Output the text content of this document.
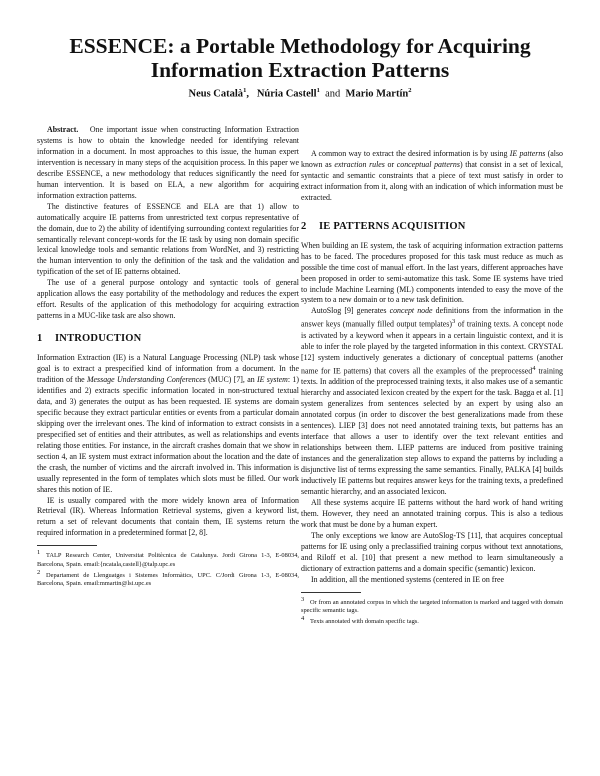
ESSENCE: a Portable Methodology for Acquiring
Information Extraction Patterns
Neus Català$^1$, Núria Castell$^1$ and Mario Martín$^2$

Abstract. One important issue when constructing Information Extraction systems is how to obtain the knowledge needed for identifying relevant information in a document. In most approaches to this issue, the human expert intervention is necessary in many steps of the acquisition process. In this paper we describe ESSENCE, a new methodology that reduces significantly the need for human intervention. It is based on ELA, a new algorithm for acquiring information extraction patterns.

The distinctive features of ESSENCE and ELA are that 1) allow to automatically acquire IE patterns from unrestricted text corpus representative of the domain, due to 2) the ability of identifying surrounding context regularities for semantically relevant concept-words for the IE task by using non domain specific lexical knowledge tools and semantic relations from WordNet, and 3) restricting the human intervention to only the definition of the task and the validation and typification of the set of IE patterns obtained.

The use of a general purpose ontology and syntactic tools of general application allows the easy portability of the methodology and reduces the expert effort. Results of the application of this methodology for acquiring extraction patterns in a MUC-like task are also shown.

1 INTRODUCTION

Information Extraction (IE) is a Natural Language Processing (NLP) task whose goal is to extract a prespecified kind of information from a document. In the tradition of the Message Understanding Conferences (MUC) [7], an IE system: 1) identifies and 2) extracts specific information located in non-structured textual data, and 3) generates the output as has been requested. IE systems are domain specific because they extract particular entities or events from a particular domain skipping over the irrelevant ones. The kind of information to extract consists in a prespecified set of entities and their attributes, as well as relationships and events relating those entities. For instance, in the aircraft crashes domain that we show in section 4, an IE system must extract information about the location and the date of the crash, the number of victims and the aircraft involved in. This information is usually represented in the form of templates which slots must be filled. Our work shares this notion of IE.

IE is usually compared with the more widely known area of Information Retrieval (IR). Whereas Information Retrieval systems, given a keyword list, return a set of relevant documents that contain them, IE systems return the required information in a predetermined format [2, 8].

$^1$ TALP Research Center, Universitat Politècnica de Catalunya. Jordi Girona 1-3, E-08034, Barcelona, Spain. email:{ncatala,castell}@talp.upc.es

$^2$ Departament de Llenguatges i Sistemes Informàtics, UPC. C/Jordi Girona 1-3, E-08034, Barcelona, Spain. email:mmartin@lsi.upc.es

A common way to extract the desired information is by using IE patterns (also known as extraction rules or conceptual patterns) that consist in a set of lexical, syntactic and semantic constraints that a piece of text must satisfy in order to extract information from it, along with an indication of which information must be extracted.

2 IE PATTERNS ACQUISITION

When building an IE system, the task of acquiring information extraction patterns has to be faced. The procedures proposed for this task must reduce as much as possible the time cost of manual effort. In the last years, different approaches have been proposed in order to semi-automatize this task. Some IE systems have tried to include Machine Learning (ML) components intended to easy the move of the system to a new domain or to a new task definition.

AutoSlog [9] generates concept node definitions from the information in the answer keys (manually filled output templates)$^3$ of training texts. A concept node is activated by a keyword when it appears in a certain linguistic context, and it is able to infer the role played by the targeted information in this context. CRYSTAL [12] system inductively generates a dictionary of conceptual patterns (another name for IE patterns) that covers all the examples of the preprocessed$^4$ training texts. In addition of the preprocessed training texts, it also makes use of a semantic hierarchy and associated lexicon created by the expert for the task. Bagga et al. [1] system generalizes from sentences selected by an expert by using also an annotated corpus (in order to discover the best generalizations made from these sentences). LIEP [3] does not need annotated training texts, but patterns has an interface that allows a user to identify over the text relevant entities and relationships between them. LIEP patterns are induced from positive training instances and the generalization step allows to expand the patterns by including a disjunctive list of terms expressing the same semantics. Finally, PALKA [4] builds inductively IE patterns but requires answer keys for the training texts, a predefined semantic hierarchy, and an associated lexicon.

All these systems acquire IE patterns without the hard work of hand writing them. However, they need an annotated training corpus. This is also a tedious work that must be done by a human expert.

The only exceptions we know are AutoSlog-TS [11], that acquires conceptual patterns for IE using only a preclassified training corpus without text annotations, and Riloff et al. [10] that present a new method to learn simultaneously a dictionary of extraction patterns and a domain specific (semantic) lexicon.

In addition, all the mentioned systems (centered in IE on free

$^3$ Or from an annotated corpus in which the targeted information is marked and tagged with domain specific semantic tags.

$^4$ Texts annotated with domain specific tags.
